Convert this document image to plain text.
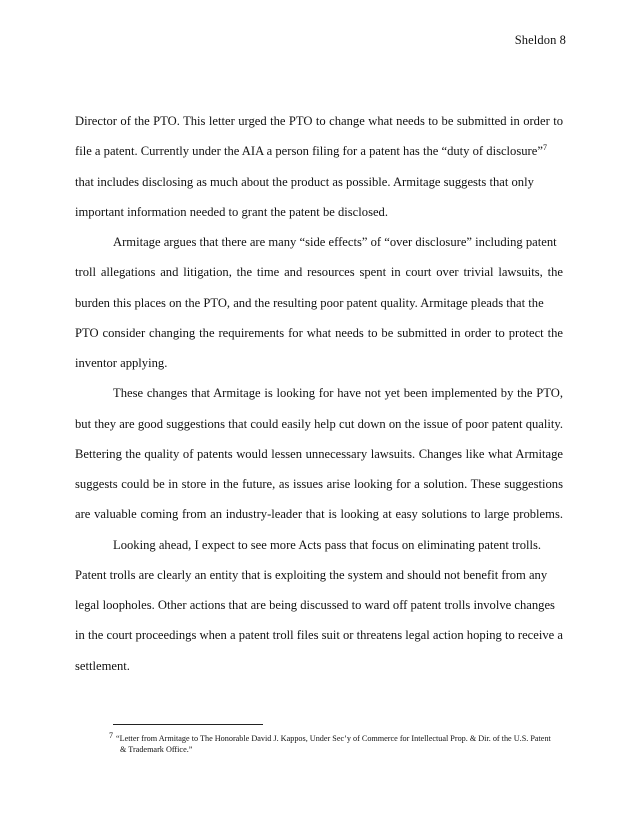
Sheldon 8
Director of the PTO. This letter urged the PTO to change what needs to be submitted in order to
file a patent. Currently under the AIA a person filing for a patent has the “duty of disclosure”$^7$
that includes disclosing as much about the product as possible. Armitage suggests that only
important information needed to grant the patent be disclosed.
Armitage argues that there are many “side effects” of “over disclosure” including patent
troll allegations and litigation, the time and resources spent in court over trivial lawsuits, the
burden this places on the PTO, and the resulting poor patent quality. Armitage pleads that the
PTO consider changing the requirements for what needs to be submitted in order to protect the
inventor applying.
These changes that Armitage is looking for have not yet been implemented by the PTO,
but they are good suggestions that could easily help cut down on the issue of poor patent quality.
Bettering the quality of patents would lessen unnecessary lawsuits. Changes like what Armitage
suggests could be in store in the future, as issues arise looking for a solution. These suggestions
are valuable coming from an industry-leader that is looking at easy solutions to large problems.
Looking ahead, I expect to see more Acts pass that focus on eliminating patent trolls.
Patent trolls are clearly an entity that is exploiting the system and should not benefit from any
legal loopholes. Other actions that are being discussed to ward off patent trolls involve changes
in the court proceedings when a patent troll files suit or threatens legal action hoping to receive a
settlement.
7 “Letter from Armitage to The Honorable David J. Kappos, Under Sec’y of Commerce for Intellectual Prop. & Dir. of the U.S. Patent
& Trademark Office.”
